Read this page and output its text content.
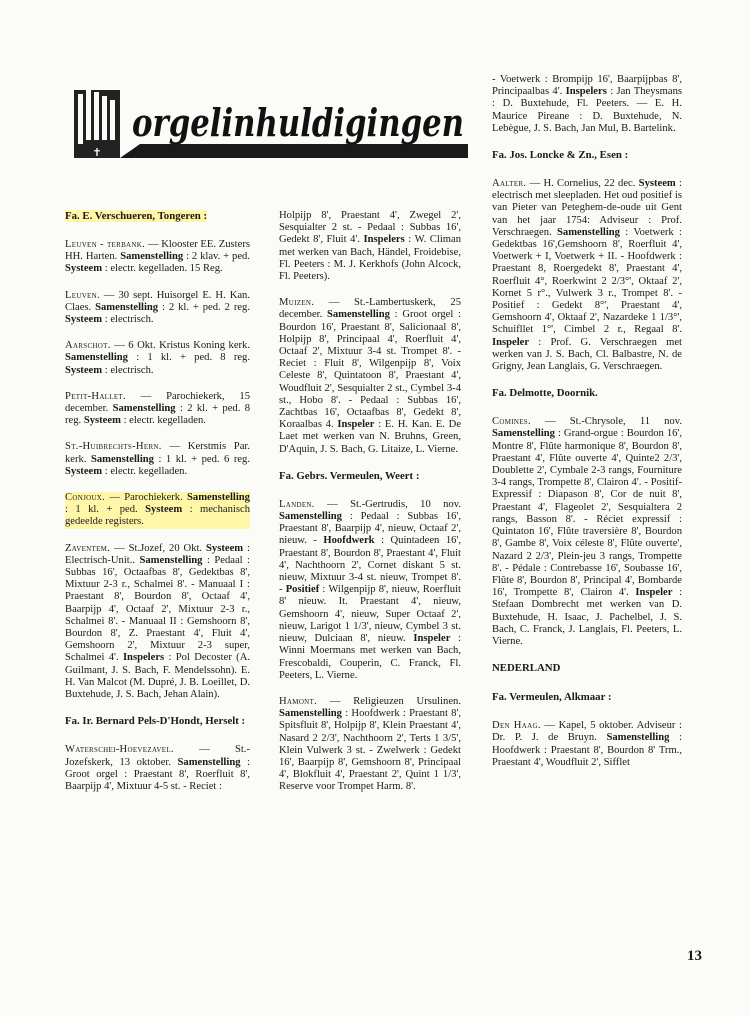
✝
orgelinhuldigingen
Fa. E. Verschueren, Tongeren :

Leuven - terbank. — Klooster EE. Zusters HH. Harten. Samenstelling : 2 klav. + ped. Systeem : electr. kegelladen. 15 Reg.

Leuven. — 30 sept. Huisorgel E. H. Kan. Claes. Samenstelling : 2 kl. + ped. 2 reg. Systeem : electrisch.

Aarschot. — 6 Okt. Kristus Koning kerk. Samenstelling : 1 kl. + ped. 8 reg. Systeem : electrisch.

Petit-Hallet. — Parochiekerk, 15 december. Samenstelling : 2 kl. + ped. 8 reg. Systeem : electr. kegelladen.

St.-Huibrechts-Hern. — Kerstmis Par. kerk. Samenstelling : 1 kl. + ped. 6 reg. Systeem : electr. kegelladen.

Conjoux. — Parochiekerk. Samenstelling : 1 kl. + ped. Systeem : mechanisch gedeelde registers.

Zaventem. — St.Jozef, 20 Okt. Systeem : Electrisch-Unit.. Samenstelling : Pedaal : Subbas 16', Octaafbas 8', Gedektbas 8', Mixtuur 2-3 r., Schalmei 8'. - Manuaal I : Praestant 8', Bourdon 8', Octaaf 4', Baarpijp 4', Octaaf 2', Mixtuur 2-3 r., Schalmei 8'. - Manuaal II : Gemshoorn 8', Bourdon 8', Z. Praestant 4', Fluit 4', Gemshoorn 2', Mixtuur 2-3 super, Schalmei 4'. Inspelers : Pol Decoster (A. Guilmant, J. S. Bach, F. Mendelssohn). E. H. Van Malcot (M. Dupré, J. B. Loeillet, D. Buxtehude, J. S. Bach, Jehan Alain).

Fa. Ir. Bernard Pels-D'Hondt, Herselt :

Waterschei-Hoevezavel. — St.-Jozefskerk, 13 oktober. Samenstelling : Groot orgel : Praestant 8', Roerfluit 8', Baarpijp 4', Mixtuur 4-5 st. - Reciet :

Holpijp 8', Praestant 4', Zwegel 2', Sesquialter 2 st. - Pedaal : Subbas 16', Gedekt 8', Fluit 4'. Inspelers : W. Climan met werken van Bach, Händel, Froidebise, Fl. Peeters : M. J. Kerkhofs (John Alcock, Fl. Peeters).

Muizen. — St.-Lambertuskerk, 25 december. Samenstelling : Groot orgel : Bourdon 16', Praestant 8', Salicionaal 8', Holpijp 8', Principaal 4', Roerfluit 4', Octaaf 2', Mixtuur 3-4 st. Trompet 8'. - Reciet : Fluit 8', Wilgenpijp 8', Voix Celeste 8', Quintatoon 8', Praestant 4', Woudfluit 2', Sesquialter 2 st., Cymbel 3-4 st., Hobo 8'. - Pedaal : Subbas 16', Zachtbas 16', Octaafbas 8', Gedekt 8', Koraalbas 4. Inspeler : E. H. Kan. E. De Laet met werken van N. Bruhns, Green, D'Aquin, J. S. Bach, G. Litaize, L. Vierne.

Fa. Gebrs. Vermeulen, Weert :

Landen. — St.-Gertrudis, 10 nov. Samenstelling : Pedaal : Subbas 16', Praestant 8', Baarpijp 4', nieuw, Octaaf 2', nieuw. - Hoofdwerk : Quintadeen 16', Praestant 8', Bourdon 8', Praestant 4', Fluit 4', Nachthoorn 2', Cornet diskant 5 st. nieuw, Mixtuur 3-4 st. nieuw, Trompet 8'. - Positief : Wilgenpijp 8', nieuw, Roerfluit 8' nieuw. It. Praestant 4', nieuw, Gemshoorn 4', nieuw, Super Octaaf 2', nieuw, Larigot 1 1/3', nieuw, Cymbel 3 st. nieuw, Dulciaan 8', nieuw. Inspeler : Winni Moermans met werken van Bach, Frescobaldi, Couperin, C. Franck, Fl. Peeters, L. Vierne.

Hamont. — Religieuzen Ursulinen. Samenstelling : Hoofdwerk : Praestant 8', Spitsfluit 8', Holpijp 8', Klein Praestant 4', Nasard 2 2/3', Nachthoorn 2', Terts 1 3/5', Klein Vulwerk 3 st. - Zwelwerk : Gedekt 16', Baarpijp 8', Gemshoorn 8', Principaal 4', Blokfluit 4', Praestant 2', Quint 1 1/3', Reserve voor Trompet Harm. 8'.

- Voetwerk : Brompijp 16', Baarpijpbas 8', Principaalbas 4'. Inspelers : Jan Theysmans : D. Buxtehude, Fl. Peeters. — E. H. Maurice Pireane : D. Buxtehude, N. Lebègue, J. S. Bach, Jan Mul, B. Bartelink.

Fa. Jos. Loncke & Zn., Esen :

Aalter. — H. Cornelius, 22 dec. Systeem : electrisch met sleepladen. Het oud positief is van Pieter van Peteghem-de-oude uit Gent van het jaar 1754: Adviseur : Prof. Verschraegen. Samenstelling : Voetwerk : Gedektbas 16',Gemshoorn 8', Roerfluit 4', Voetwerk + I, Voetwerk + II. - Hoofdwerk : Praestant 8, Roergedekt 8', Praestant 4', Roerfluit 4°, Roerkwint 2 2/3°', Oktaaf 2', Kornet 5 r°., Vulwerk 3 r., Trompet 8'. - Positief : Gedekt 8°', Praestant 4', Gemshoorn 4', Oktaaf 2', Nazardeke 1 1/3°', Schuifllet 1°', Cimbel 2 r., Regaal 8'. Inspeler : Prof. G. Verschraegen met werken van J. S. Bach, Cl. Balbastre, N. de Grigny, Jean Langlais, G. Verschraegen.

Fa. Delmotte, Doornik.

Comines. — St.-Chrysole, 11 nov. Samenstelling : Grand-orgue : Bourdon 16', Montre 8', Flûte harmonique 8', Bourdon 8', Praestant 4', Flûte ouverte 4', Quinte2 2/3', Doublette 2', Cymbale 2-3 rangs, Fourniture 3-4 rangs, Trompette 8', Clairon 4'. - Positif-Expressif : Diapason 8', Cor de nuit 8', Praestant 4', Flageolet 2', Sesquialtera 2 rangs, Basson 8'. - Réciet expressif : Quintaton 16', Flûte traversière 8', Bourdon 8', Gambe 8', Voix céleste 8', Flûte ouverte', Nazard 2 2/3', Plein-jeu 3 rangs, Trompette 8'. - Pédale : Contrebasse 16', Soubasse 16', Flûte 8', Bourdon 8', Principal 4', Bombarde 16', Trompette 8', Clairon 4'. Inspeler : Stefaan Dombrecht met werken van D. Buxtehude, H. Isaac, J. Pachelbel, J. S. Bach, C. Franck, J. Langlais, Fl. Peeters, L. Vierne.

NEDERLAND
Fa. Vermeulen, Alkmaar :

Den Haag. — Kapel, 5 oktober. Adviseur : Dr. P. J. de Bruyn. Samenstelling : Hoofdwerk : Praestant 8', Bourdon 8' Trm., Praestant 4', Woudfluit 2', Sifflet

13
